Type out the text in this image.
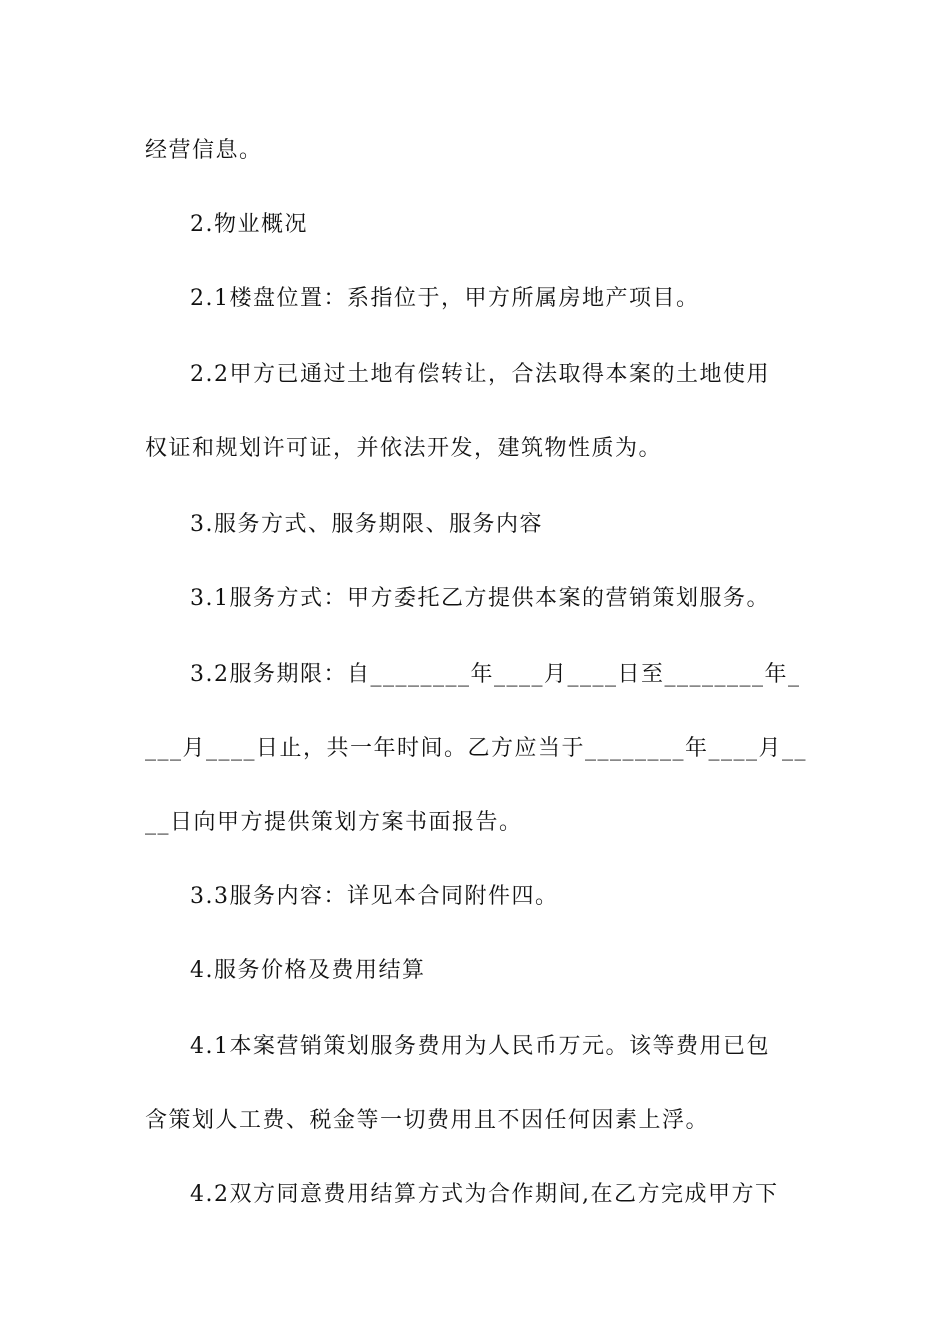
经营信息。
2.物业概况
2.1楼盘位置：系指位于，甲方所属房地产项目。
2.2甲方已通过土地有偿转让，合法取得本案的土地使用
权证和规划许可证，并依法开发，建筑物性质为。
3.服务方式、服务期限、服务内容
3.1服务方式：甲方委托乙方提供本案的营销策划服务。
3.2服务期限：自________年____月____日至________年_
___月____日止，共一年时间。乙方应当于________年____月__
__日向甲方提供策划方案书面报告。
3.3服务内容：详见本合同附件四。
4.服务价格及费用结算
4.1本案营销策划服务费用为人民币万元。该等费用已包
含策划人工费、税金等一切费用且不因任何因素上浮。
4.2双方同意费用结算方式为合作期间,在乙方完成甲方下
